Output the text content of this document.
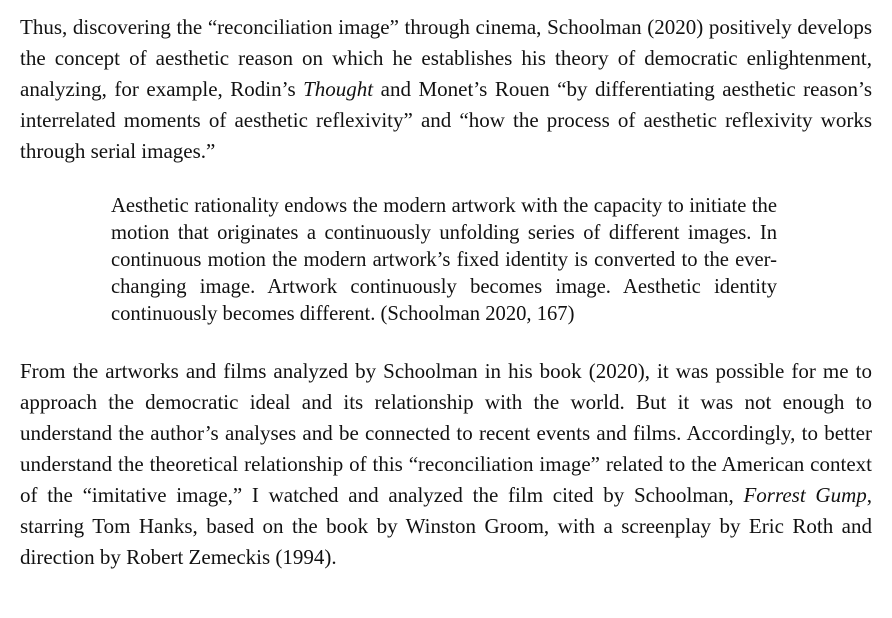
Thus, discovering the “reconciliation image” through cinema, Schoolman (2020) positively develops the concept of aesthetic reason on which he establishes his theory of democratic enlightenment, analyzing, for example, Rodin’s Thought and Monet’s Rouen “by differentiating aesthetic reason’s interrelated moments of aesthetic reflexivity” and “how the process of aesthetic reflexivity works through serial images.”

Aesthetic rationality endows the modern artwork with the capacity to initiate the motion that originates a continuously unfolding series of different images. In continuous motion the modern artwork’s fixed identity is converted to the ever-changing image. Artwork continuously becomes image. Aesthetic identity continuously becomes different. (Schoolman 2020, 167)

From the artworks and films analyzed by Schoolman in his book (2020), it was possible for me to approach the democratic ideal and its relationship with the world. But it was not enough to understand the author’s analyses and be connected to recent events and films. Accordingly, to better understand the theoretical relationship of this “reconciliation image” related to the American context of the “imitative image,” I watched and analyzed the film cited by Schoolman, Forrest Gump, starring Tom Hanks, based on the book by Winston Groom, with a screenplay by Eric Roth and direction by Robert Zemeckis (1994).
